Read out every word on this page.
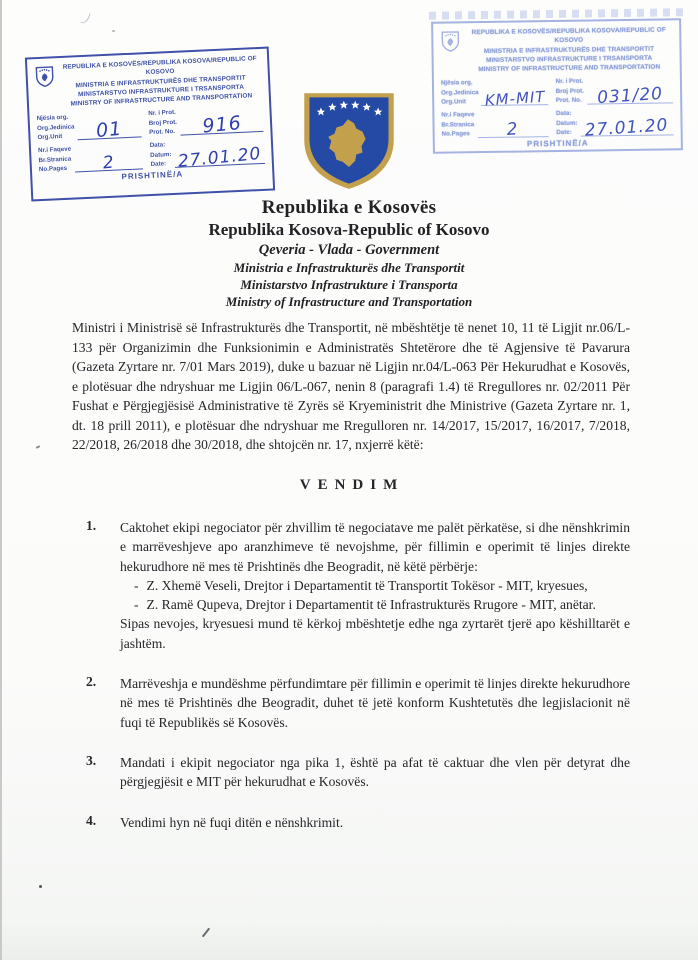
REPUBLIKA E KOSOVËS/REPUBLIKA KOSOVA/REPUBLIC OF KOSOVO
MINISTRIA E INFRASTRUKTURËS DHE TRANSPORTIT
MINISTARSTVO INFRASTRUKTURE I TRSANSPORTA
MINISTRY OF INFRASTRUCTURE AND TRANSPORTATION
Njësia org.
Org.Jedinica
Org.Unit	01
Nr. i Prot.
Broj Prot.
Prot. No. 916
Nr.i Faqeve
Br.Stranica
No.Pages 2
Data:
Datum:
Date: 27.01.20
PRISHTINË/A
REPUBLIKA E KOSOVËS/REPUBLIKA KOSOVA/REPUBLIC OF KOSOVO
MINISTRIA E INFRASTRUKTURËS DHE TRANSPORTIT
MINISTARSTVO INFRASTRUKTURE I TRSANSPORTA
MINISTRY OF INFRASTRUCTURE AND TRANSPORTATION
Njësia org.
Org.Jedinica
Org.Unit	KM-MIT
Nr. i Prot.
Broj Prot.
Prot. No. 031/20
Nr.i Faqeve
Br.Stranica
No.Pages 2
Data:
Datum:
Date: 27.01.20
PRISHTINË/A
Republika e Kosovës
Republika Kosova-Republic of Kosovo
Qeveria - Vlada - Government
Ministria e Infrastrukturës dhe Transportit
Ministarstvo Infrastrukture i Transporta
Ministry of Infrastructure and Transportation

Ministri i Ministrisë së Infrastrukturës dhe Transportit, në mbështëtje të nenet 10, 11 të Ligjit nr.06/L-133 për Organizimin dhe Funksionimin e Administratës Shtetërore dhe të Agjensive të Pavarura (Gazeta Zyrtare nr. 7/01 Mars 2019), duke u bazuar në Ligjin nr.04/L-063 Për Hekurudhat e Kosovës, e plotësuar dhe ndryshuar me Ligjin 06/L-067, nenin 8 (paragrafi 1.4) të Rregullores nr. 02/2011 Për Fushat e Përgjegjësisë Administrative të Zyrës së Kryeministrit dhe Ministrive (Gazeta Zyrtare nr. 1, dt. 18 prill 2011), e plotësuar dhe ndryshuar me Rregulloren nr. 14/2017, 15/2017, 16/2017, 7/2018, 22/2018, 26/2018 dhe 30/2018, dhe shtojcën nr. 17, nxjerrë këtë:

VENDIM
1.	Caktohet ekipi negociator për zhvillim të negociatave me palët përkatëse, si dhe nënshkrimin e marrëveshjeve apo aranzhimeve të nevojshme, për fillimin e operimit të linjes direkte hekurudhore në mes të Prishtinës dhe Beogradit, në këtë përbërje:
- Z. Xhemë Veseli, Drejtor i Departamentit të Transportit Tokësor - MIT, kryesues,
- Z. Ramë Qupeva, Drejtor i Departamentit të Infrastrukturës Rrugore - MIT, anëtar.
Sipas nevojes, kryesuesi mund të kërkoj mbështetje edhe nga zyrtarët tjerë apo këshilltarët e jashtëm.
2.	Marrëveshja e mundëshme përfundimtare për fillimin e operimit të linjes direkte hekurudhore në mes të Prishtinës dhe Beogradit, duhet të jetë konform Kushtetutës dhe legjislacionit në fuqi të Republikës së Kosovës.
3.	Mandati i ekipit negociator nga pika 1, është pa afat të caktuar dhe vlen për detyrat dhe përgjegjësit e MIT për hekurudhat e Kosovës.
4.	Vendimi hyn në fuqi ditën e nënshkrimit.
